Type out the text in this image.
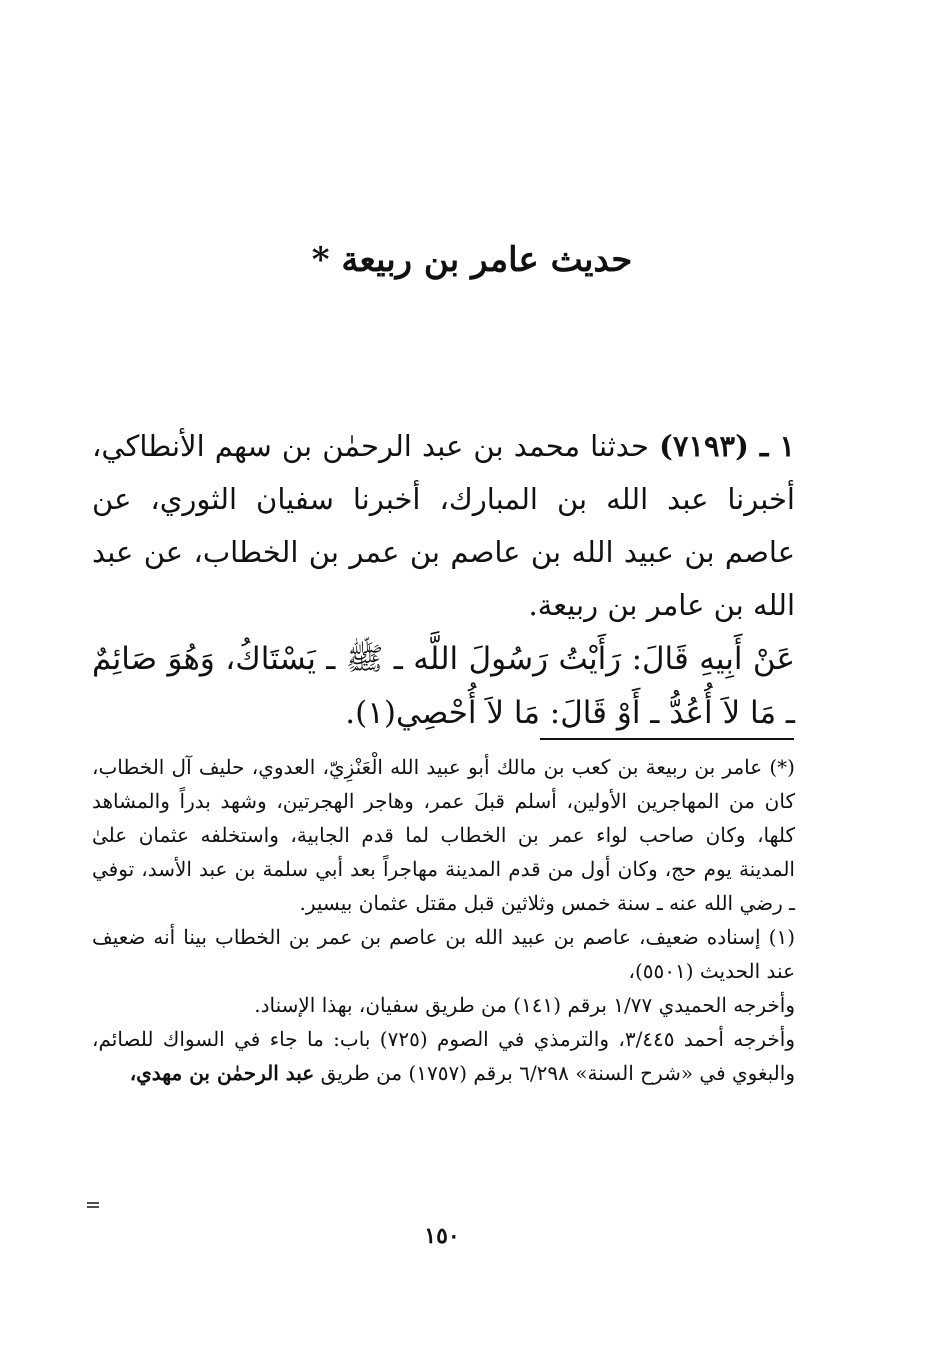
حديث عامر بن ربيعة *

١ ـ (٧١٩٣) حدثنا محمد بن عبد الرحمٰن بن سهم الأنطاكي، أخبرنا عبد الله بن المبارك، أخبرنا سفيان الثوري، عن عاصم بن عبيد الله بن عاصم بن عمر بن الخطاب، عن عبد الله بن عامر بن ربيعة.

عَنْ أَبِيهِ قَالَ: رَأَيْتُ رَسُولَ اللَّه ـ ﷺ ـ يَسْتَاكُ، وَهُوَ صَائِمٌ ـ مَا لاَ أُعُدُّ ـ أَوْ قَالَ: مَا لاَ أُحْصِي(١).

(*) عامر بن ربيعة بن كعب بن مالك أبو عبيد الله الْعَنْزِيّ، العدوي، حليف آل الخطاب، كان من المهاجرين الأولين، أسلم قبلَ عمر، وهاجر الهجرتين، وشهد بدراً والمشاهد كلها، وكان صاحب لواء عمر بن الخطاب لما قدم الجابية، واستخلفه عثمان علىٰ المدينة يوم حج، وكان أول من قدم المدينة مهاجراً بعد أبي سلمة بن عبد الأسد، توفي ـ رضي الله عنه ـ سنة خمس وثلاثين قبل مقتل عثمان بيسير.

(١) إسناده ضعيف، عاصم بن عبيد الله بن عاصم بن عمر بن الخطاب بينا أنه ضعيف عند الحديث (٥٥٠١)،

وأخرجه الحميدي ١/٧٧ برقم (١٤١) من طريق سفيان، بهذا الإسناد.

وأخرجه أحمد ٣/٤٤٥، والترمذي في الصوم (٧٢٥) باب: ما جاء في السواك للصائم، والبغوي في «شرح السنة» ٦/٢٩٨ برقم (١٧٥٧) من طريق عبد الرحمٰن بن مهدي،

١٥٠
